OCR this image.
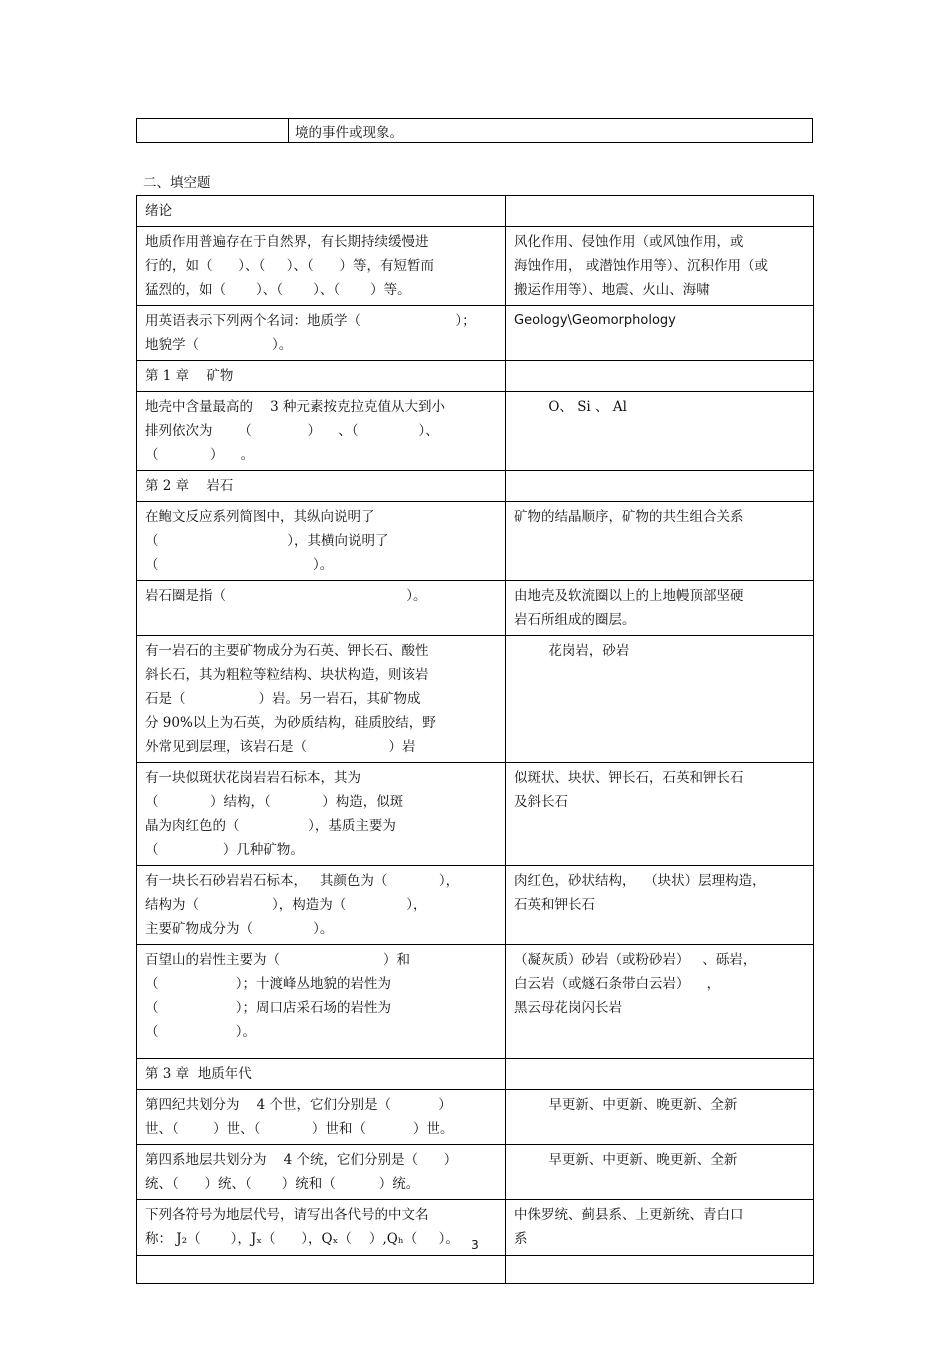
	境的事件或现象。
二、填空题
绪论	

地质作用普遍存在于自然界，有长期持续缓慢进
行的，如（      ）、（     ）、（      ）等，有短暂而
猛烈的，如（       ）、（       ）、（       ）等。	风化作用、侵蚀作用（或风蚀作用，或
海蚀作用， 或潜蚀作用等）、沉积作用（或
搬运作用等）、地震、火山、海啸

用英语表示下列两个名词：地质学（                      ）；
地貌学（                 ）。	Geology\Geomorphology

第 1 章    矿物	

地壳中含量最高的    3 种元素按克拉克值从大到小
排列依次为      （             ）    、（              ）、
（            ）    。	O、 Si 、 Al

第 2 章    岩石	

在鲍文反应系列简图中，其纵向说明了
（                              ），其横向说明了
（                                    ）。	矿物的结晶顺序，矿物的共生组合关系

岩石圈是指（                                          ）。	由地壳及软流圈以上的上地幔顶部坚硬
岩石所组成的圈层。

有一岩石的主要矿物成分为石英、钾长石、酸性
斜长石，其为粗粒等粒结构、块状构造，则该岩
石是（                 ）岩。另一岩石，其矿物成
分 90%以上为石英，为砂质结构，硅质胶结，野
外常见到层理，该岩石是（                   ）岩	花岗岩，砂岩

有一块似斑状花岗岩岩石标本，其为
（            ）结构，（            ）构造，似斑
晶为肉红色的（                ），基质主要为
（               ）几种矿物。	似斑状、块状、钾长石，石英和钾长石
及斜长石

有一块长石砂岩岩石标本，   其颜色为（            ），
结构为（                 ），构造为（              ），
主要矿物成分为（              ）。	肉红色，砂状结构，  （块状）层理构造，
石英和钾长石

百望山的岩性主要为（                        ）和
（                  ）；十渡峰丛地貌的岩性为
（                  ）；周口店采石场的岩性为
（                  ）。	（凝灰质）砂岩（或粉砂岩）   、砾岩，
白云岩（或燧石条带白云岩）    ，
黑云母花岗闪长岩

第 3 章  地质年代	

第四纪共划分为    4 个世，它们分别是（           ）
世、（        ）世、（            ）世和（           ）世。	早更新、中更新、晚更新、全新

第四系地层共划分为    4 个统，它们分别是（      ）
统、（      ）统、（       ）统和（          ）统。	早更新、中更新、晚更新、全新

下列各符号为地层代号，请写出各代号的中文名
称： J₂（       ），Jₓ（      ），Qₓ（    ）,Qₕ（     ）。	中侏罗统、蓟县系、上更新统、青白口
系

3
